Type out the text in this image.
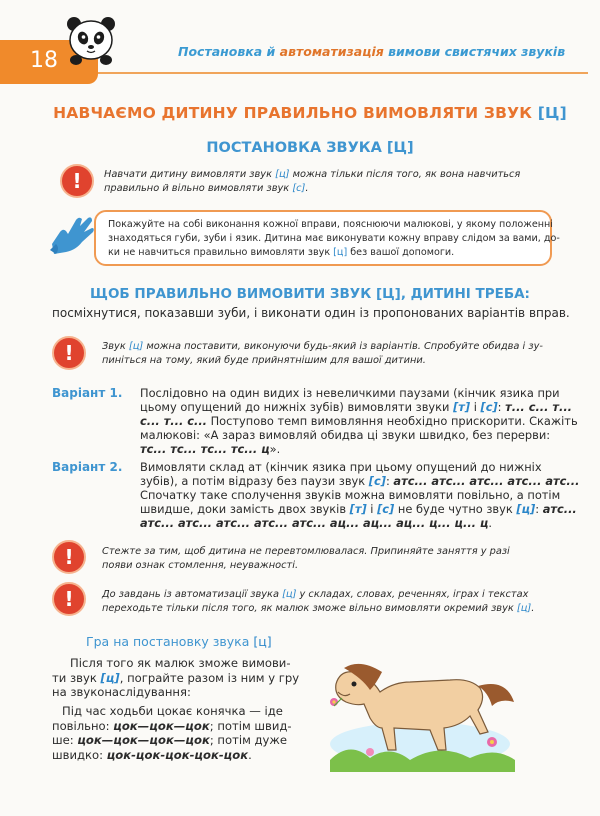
18	Постановка й автоматизація вимови свистячих звуків
НАВЧАЄМО ДИТИНУ ПРАВИЛЬНО ВИМОВЛЯТИ ЗВУК [Ц]
ПОСТАНОВКА ЗВУКА [Ц]
!	Навчати дитину вимовляти звук [ц] можна тільки після того, як вона навчиться
правильно й вільно вимовляти звук [с].
Покажуйте на собі виконання кожної вправи, пояснюючи малюкові, у якому положенні
знаходяться губи, зуби і язик. Дитина має виконувати кожну вправу слідом за вами, до-
ки не навчиться правильно вимовляти звук [ц] без вашої допомоги.
ЩОБ ПРАВИЛЬНО ВИМОВИТИ ЗВУК [Ц], ДИТИНІ ТРЕБА:
посміхнутися, показавши зуби, і виконати один із пропонованих варіантів вправ.
!	Звук [ц] можна поставити, виконуючи будь-який із варіантів. Спробуйте обидва і зу-
пиніться на тому, який буде прийнятнішим для вашої дитини.
Варіант 1. Послідовно на один видих із невеличкими паузами (кінчик язика при
цьому опущений до нижніх зубів) вимовляти звуки [т] і [с]: т... с... т...
с... т... с... Поступово темп вимовляння необхідно прискорити. Скажіть
малюкові: «А зараз вимовляй обидва ці звуки швидко, без перерви:
тс... тс... тс... тс... ц».
Варіант 2. Вимовляти склад ат (кінчик язика при цьому опущений до нижніх
зубів), а потім відразу без паузи звук [с]: атс... атс... атс... атс... атс...
Спочатку таке сполучення звуків можна вимовляти повільно, а потім
швидше, доки замість двох звуків [т] і [с] не буде чутно звук [ц]: атс...
атс... атс... атс... атс... атс... ац... ац... ац... ц... ц... ц.
!	Стежте за тим, щоб дитина не перевтомлювалася. Припиняйте заняття у разі
появи ознак стомлення, неуважності.
!	До завдань із автоматизації звука [ц] у складах, словах, реченнях, іграх і текстах
переходьте тільки після того, як малюк зможе вільно вимовляти окремий звук [ц].
Гра на постановку звука [ц]
Після того як малюк зможе вимови-
ти звук [ц], пограйте разом із ним у гру
на звуконаслідування:
Під час ходьби цокає конячка — іде
повільно: цок—цок—цок; потім швид-
ше: цок—цок—цок—цок; потім дуже
швидко: цок-цок-цок-цок-цок.
